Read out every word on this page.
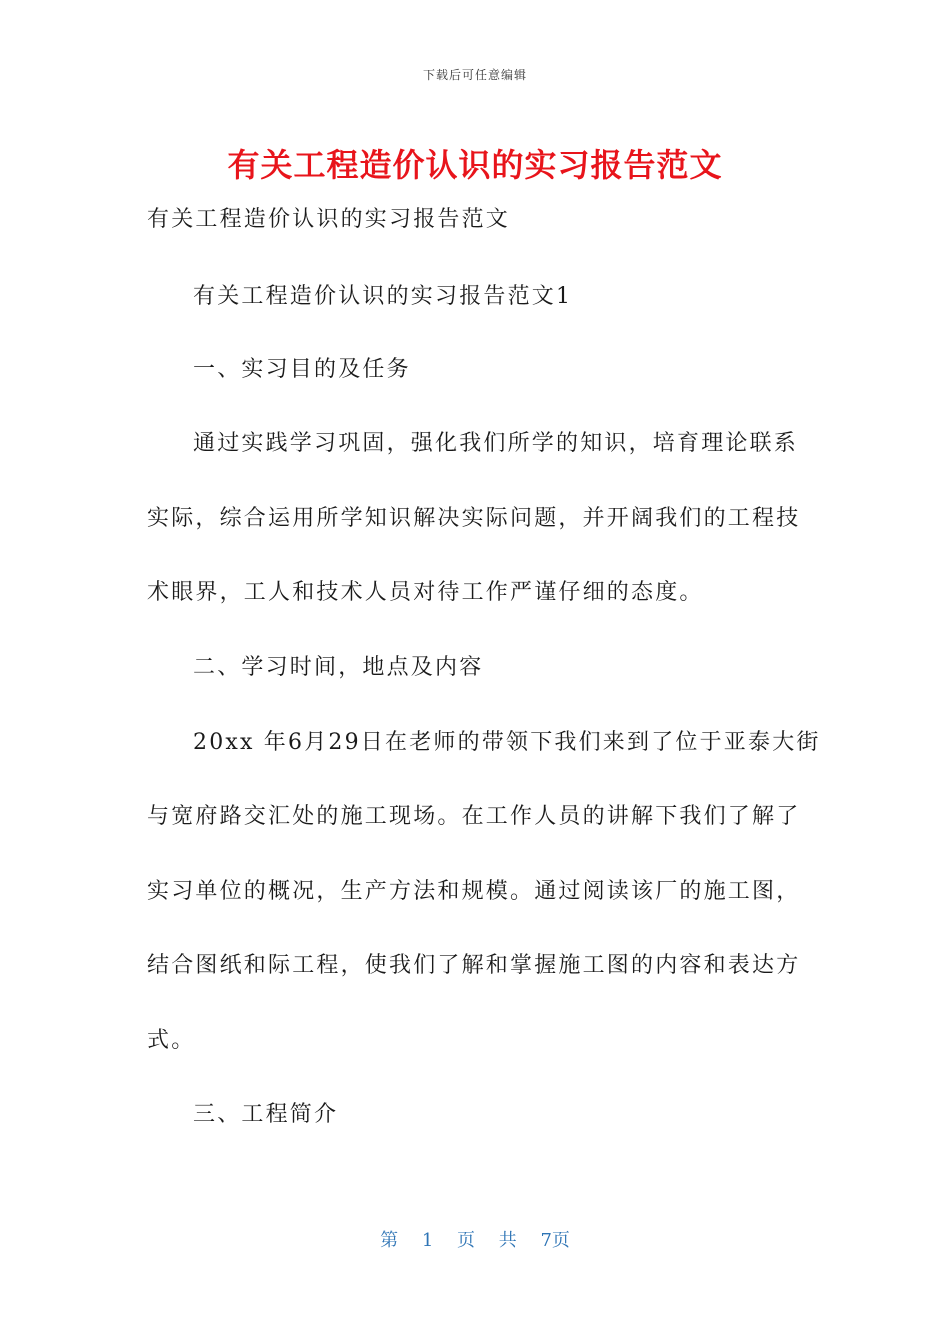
下载后可任意编辑
有关工程造价认识的实习报告范文
有关工程造价认识的实习报告范文
有关工程造价认识的实习报告范文1
一、实习目的及任务
通过实践学习巩固，强化我们所学的知识，培育理论联系
实际，综合运用所学知识解决实际问题，并开阔我们的工程技
术眼界，工人和技术人员对待工作严谨仔细的态度。
二、学习时间，地点及内容
20xx 年6月29日在老师的带领下我们来到了位于亚泰大街
与宽府路交汇处的施工现场。在工作人员的讲解下我们了解了
实习单位的概况，生产方法和规模。通过阅读该厂的施工图，
结合图纸和际工程，使我们了解和掌握施工图的内容和表达方
式。
三、工程简介
第 1 页 共 7页
